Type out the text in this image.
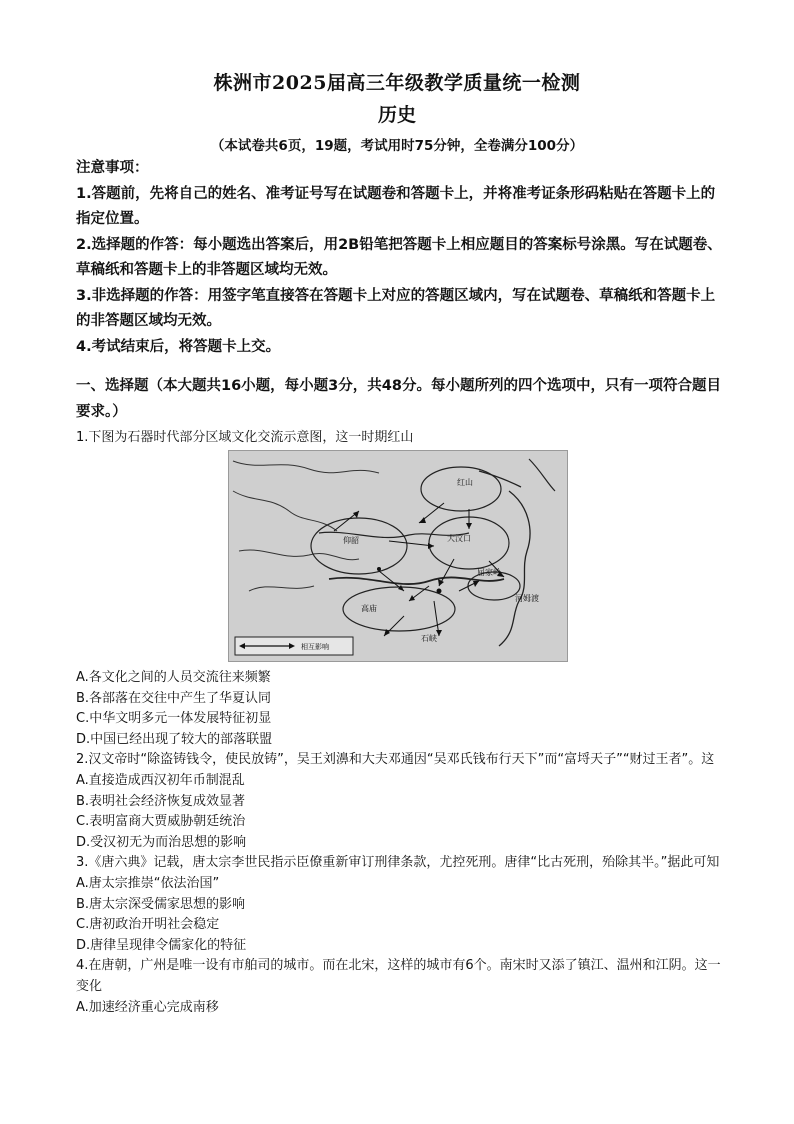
株洲市2025届高三年级教学质量统一检测
历史
（本试卷共6页，19题，考试用时75分钟，全卷满分100分）

注意事项：

1.答题前，先将自己的姓名、准考证号写在试题卷和答题卡上，并将准考证条形码粘贴在答题卡上的指定位置。

2.选择题的作答：每小题选出答案后，用2B铅笔把答题卡上相应题目的答案标号涂黑。写在试题卷、草稿纸和答题卡上的非答题区域均无效。

3.非选择题的作答：用签字笔直接答在答题卡上对应的答题区域内，写在试题卷、草稿纸和答题卡上的非答题区域均无效。

4.考试结束后，将答题卡上交。

一、选择题（本大题共16小题，每小题3分，共48分。每小题所列的四个选项中，只有一项符合题目要求。）

1.下图为石器时代部分区域文化交流示意图，这一时期红山

红山
仰韶	大汶口
屈家岭
河姆渡
高庙
石峡
相互影响

A.各文化之间的人员交流往来频繁

B.各部落在交往中产生了华夏认同

C.中华文明多元一体发展特征初显

D.中国已经出现了较大的部落联盟

2.汉文帝时“除盗铸钱令，使民放铸”，吴王刘濞和大夫邓通因“吴邓氏钱布行天下”而“富埒天子”“财过王者”。这

A.直接造成西汉初年币制混乱

B.表明社会经济恢复成效显著

C.表明富商大贾威胁朝廷统治

D.受汉初无为而治思想的影响

3.《唐六典》记载，唐太宗李世民指示臣僚重新审订刑律条款，尤控死刑。唐律“比古死刑，殆除其半。”据此可知

A.唐太宗推崇“依法治国”

B.唐太宗深受儒家思想的影响

C.唐初政治开明社会稳定

D.唐律呈现律令儒家化的特征

4.在唐朝，广州是唯一设有市舶司的城市。而在北宋，这样的城市有6个。南宋时又添了镇江、温州和江阴。这一变化

A.加速经济重心完成南移
